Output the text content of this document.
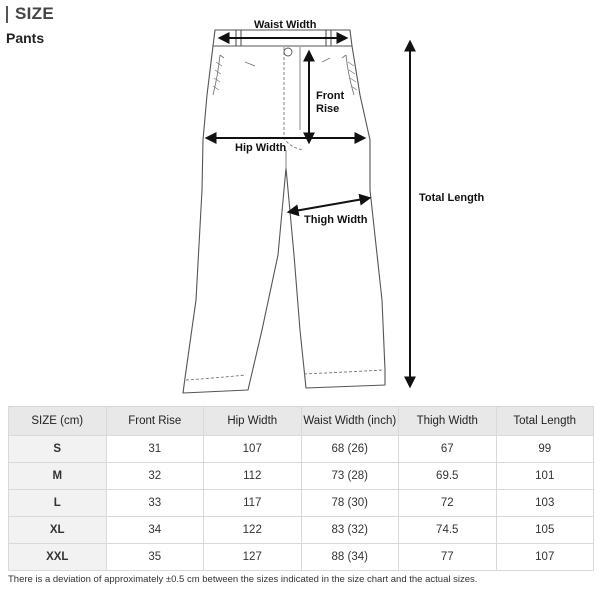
SIZE
Pants
Waist Width
Front
Rise
Hip Width
Thigh Width
Total Length
SIZE (cm)	Front Rise	Hip Width	Waist Width (inch)	Thigh Width	Total Length
S	31	107	68 (26)	67	99
M	32	112	73 (28)	69.5	101
L	33	117	78 (30)	72	103
XL	34	122	83 (32)	74.5	105
XXL	35	127	88 (34)	77	107
There is a deviation of approximately ±0.5 cm between the sizes indicated in the size chart and the actual sizes.
